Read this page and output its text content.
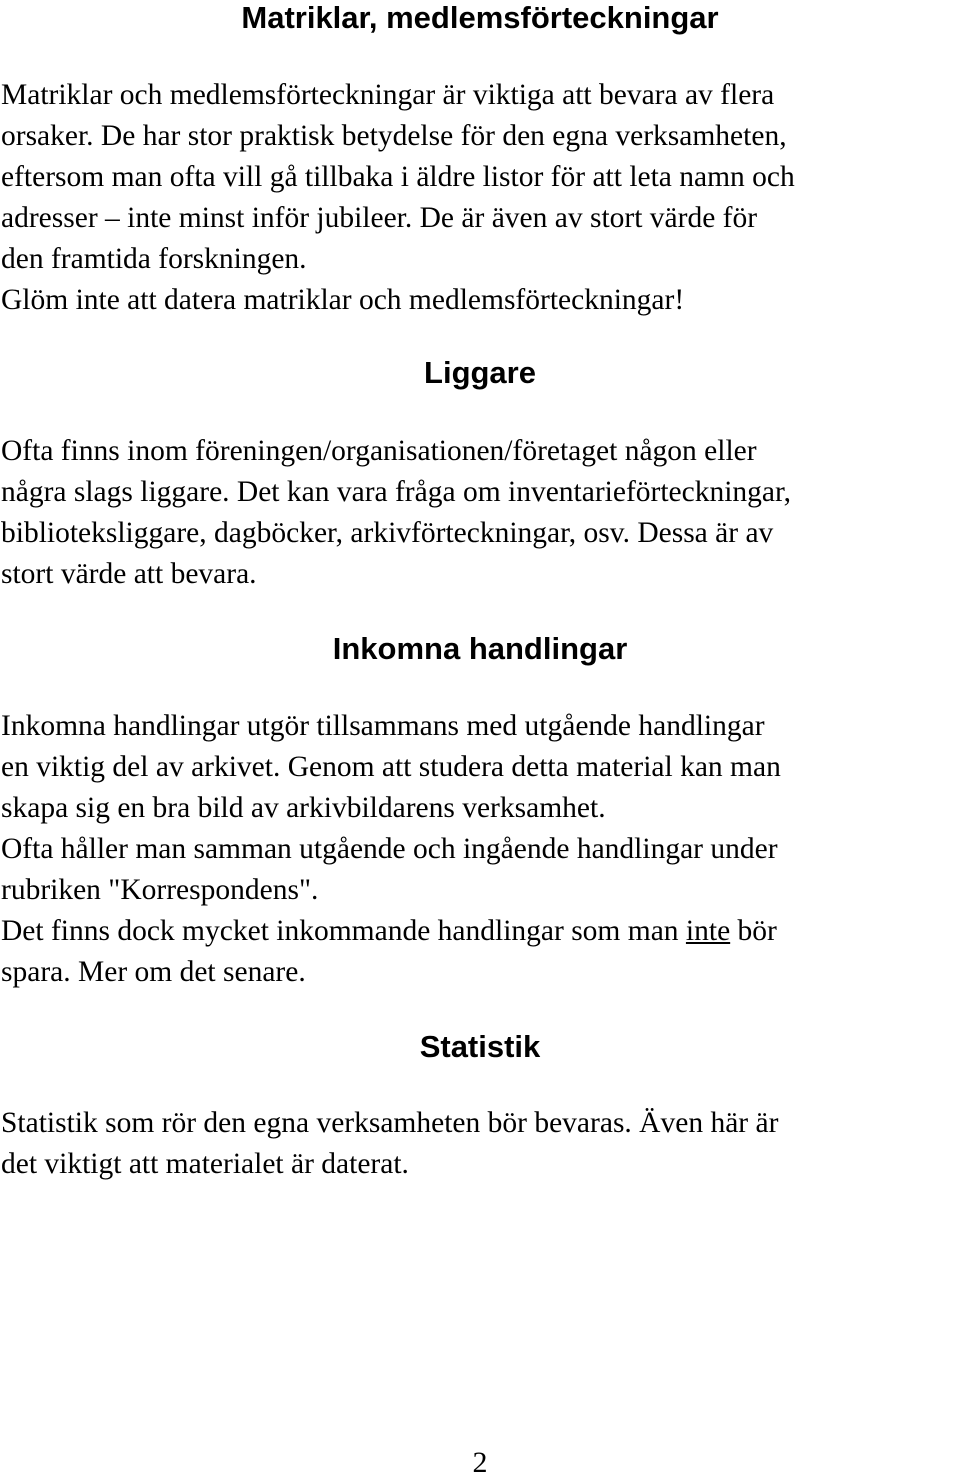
Matriklar, medlemsförteckningar

Matriklar och medlemsförteckningar är viktiga att bevara av flera
orsaker. De har stor praktisk betydelse för den egna verksamheten,
eftersom man ofta vill gå tillbaka i äldre listor för att leta namn och
adresser – inte minst inför jubileer. De är även av stort värde för
den framtida forskningen.
Glöm inte att datera matriklar och medlemsförteckningar!

Liggare

Ofta finns inom föreningen/organisationen/företaget någon eller
några slags liggare. Det kan vara fråga om inventarieförteckningar,
biblioteksliggare, dagböcker, arkivförteckningar, osv. Dessa är av
stort värde att bevara.

Inkomna handlingar

Inkomna handlingar utgör tillsammans med utgående handlingar
en viktig del av arkivet. Genom att studera detta material kan man
skapa sig en bra bild av arkivbildarens verksamhet.
Ofta håller man samman utgående och ingående handlingar under
rubriken "Korrespondens".
Det finns dock mycket inkommande handlingar som man inte bör
spara. Mer om det senare.

Statistik

Statistik som rör den egna verksamheten bör bevaras. Även här är
det viktigt att materialet är daterat.

2
